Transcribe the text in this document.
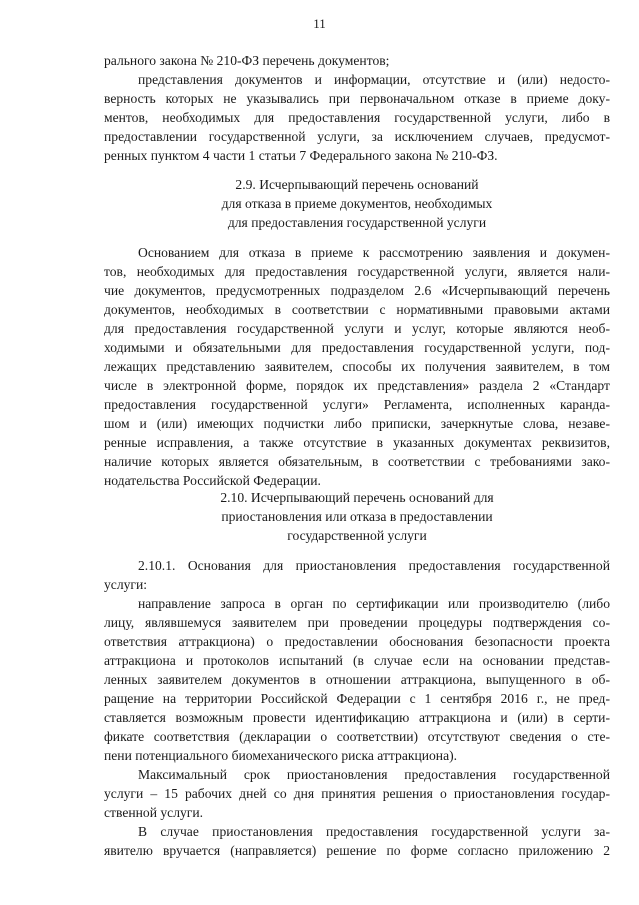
11
рального закона № 210-ФЗ перечень документов;
представления документов и информации, отсутствие и (или) недосто-
верность которых не указывались при первоначальном отказе в приеме доку-
ментов, необходимых для предоставления государственной услуги, либо в
предоставлении государственной услуги, за исключением случаев, предусмот-
ренных пунктом 4 части 1 статьи 7 Федерального закона № 210-ФЗ.
2.9. Исчерпывающий перечень оснований
для отказа в приеме документов, необходимых
для предоставления государственной услуги
Основанием для отказа в приеме к рассмотрению заявления и докумен-
тов, необходимых для предоставления государственной услуги, является нали-
чие документов, предусмотренных подразделом 2.6 «Исчерпывающий перечень
документов, необходимых в соответствии с нормативными правовыми актами
для предоставления государственной услуги и услуг, которые являются необ-
ходимыми и обязательными для предоставления государственной услуги, под-
лежащих представлению заявителем, способы их получения заявителем, в том
числе в электронной форме, порядок их представления» раздела 2 «Стандарт
предоставления государственной услуги» Регламента, исполненных каранда-
шом и (или) имеющих подчистки либо приписки, зачеркнутые слова, незаве-
ренные исправления, а также отсутствие в указанных документах реквизитов,
наличие которых является обязательным, в соответствии с требованиями зако-
нодательства Российской Федерации.
2.10. Исчерпывающий перечень оснований для
приостановления или отказа в предоставлении
государственной услуги
2.10.1. Основания для приостановления предоставления государственной
услуги:
направление запроса в орган по сертификации или производителю (либо
лицу, являвшемуся заявителем при проведении процедуры подтверждения со-
ответствия аттракциона) о предоставлении обоснования безопасности проекта
аттракциона и протоколов испытаний (в случае если на основании представ-
ленных заявителем документов в отношении аттракциона, выпущенного в об-
ращение на территории Российской Федерации с 1 сентября 2016 г., не пред-
ставляется возможным провести идентификацию аттракциона и (или) в серти-
фикате соответствия (декларации о соответствии) отсутствуют сведения о сте-
пени потенциального биомеханического риска аттракциона).
Максимальный срок приостановления предоставления государственной
услуги – 15 рабочих дней со дня принятия решения о приостановления государ-
ственной услуги.
В случае приостановления предоставления государственной услуги за-
явителю вручается (направляется) решение по форме согласно приложению 2
